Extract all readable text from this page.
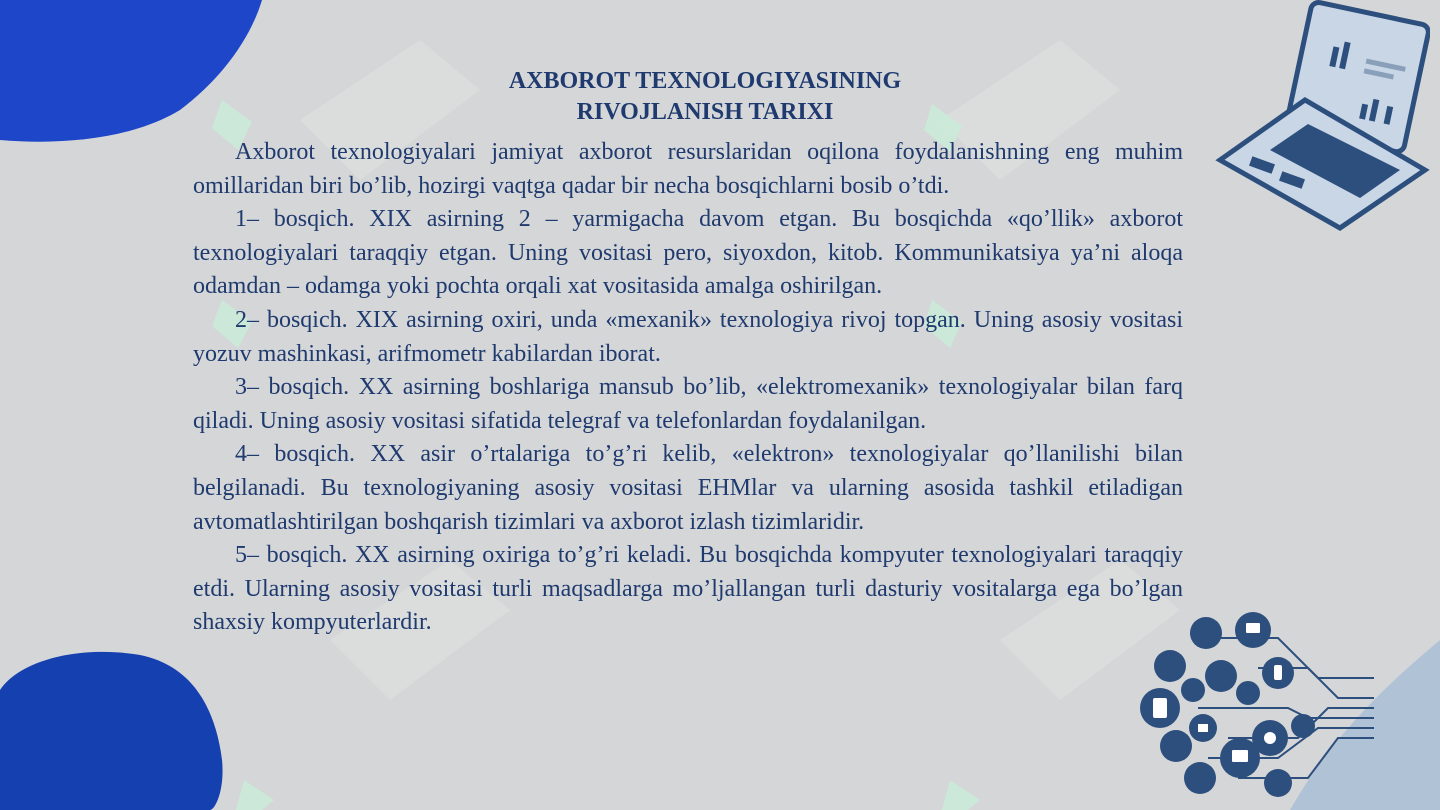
AXBOROT TEXNOLOGIYASINING
RIVOJLANISH TARIXI

Axborot texnologiyalari jamiyat axborot resurslaridan oqilona foydalanishning eng muhim omillaridan biri bo’lib, hozirgi vaqtga qadar bir necha bosqichlarni bosib o’tdi.

1– bosqich. XIX asirning 2 – yarmigacha davom etgan. Bu bosqichda «qo’llik» axborot texnologiyalari taraqqiy etgan. Uning vositasi pero, siyoxdon, kitob. Kommunikatsiya ya’ni aloqa odamdan – odamga yoki pochta orqali xat vositasida amalga oshirilgan.

2– bosqich. XIX asirning oxiri, unda «mexanik» texnologiya rivoj topgan. Uning asosiy vositasi yozuv mashinkasi, arifmometr kabilardan iborat.

3– bosqich. XX asirning boshlariga mansub bo’lib, «elektromexanik» texnologiyalar bilan farq qiladi. Uning asosiy vositasi sifatida telegraf va telefonlardan foydalanilgan.

4– bosqich. XX asir o’rtalariga to’g’ri kelib, «elektron» texnologiyalar qo’llanilishi bilan belgilanadi. Bu texnologiyaning asosiy vositasi EHMlar va ularning asosida tashkil etiladigan avtomatlashtirilgan boshqarish tizimlari va axborot izlash tizimlaridir.

5– bosqich. XX asirning oxiriga to’g’ri keladi. Bu bosqichda kompyuter texnologiyalari taraqqiy etdi. Ularning asosiy vositasi turli maqsadlarga mo’ljallangan turli dasturiy vositalarga ega bo’lgan shaxsiy kompyuterlardir.
